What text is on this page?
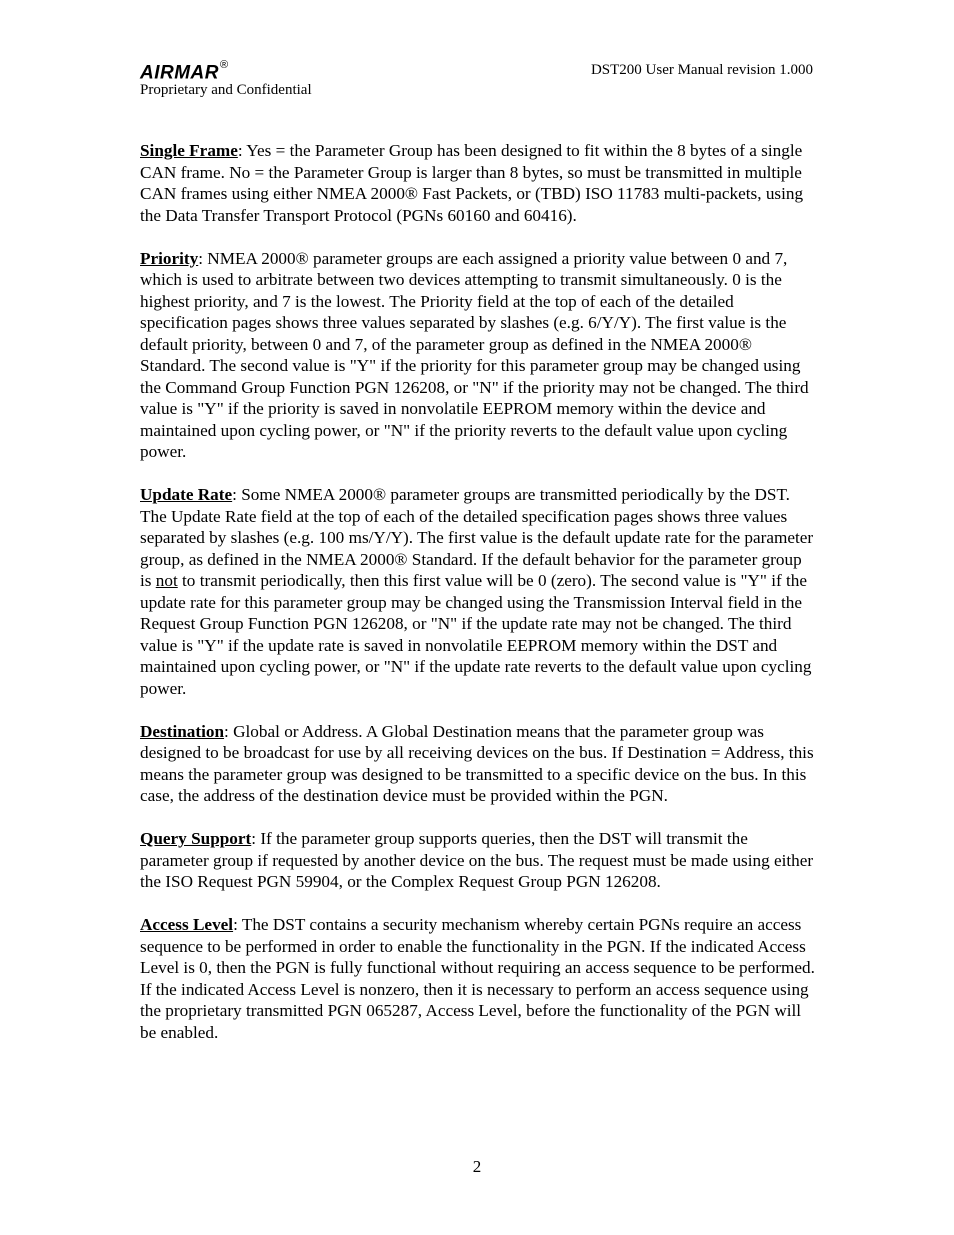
AIRMAR®
Proprietary and Confidential
DST200 User Manual revision 1.000

Single Frame: Yes = the Parameter Group has been designed to fit within the 8 bytes of a single CAN frame. No = the Parameter Group is larger than 8 bytes, so must be transmitted in multiple CAN frames using either NMEA 2000® Fast Packets, or (TBD) ISO 11783 multi-packets, using the Data Transfer Transport Protocol (PGNs 60160 and 60416).

Priority: NMEA 2000® parameter groups are each assigned a priority value between 0 and 7, which is used to arbitrate between two devices attempting to transmit simultaneously. 0 is the highest priority, and 7 is the lowest. The Priority field at the top of each of the detailed specification pages shows three values separated by slashes (e.g. 6/Y/Y). The first value is the default priority, between 0 and 7, of the parameter group as defined in the NMEA 2000® Standard. The second value is "Y" if the priority for this parameter group may be changed using the Command Group Function PGN 126208, or "N" if the priority may not be changed. The third value is "Y" if the priority is saved in nonvolatile EEPROM memory within the device and maintained upon cycling power, or "N" if the priority reverts to the default value upon cycling power.

Update Rate: Some NMEA 2000® parameter groups are transmitted periodically by the DST. The Update Rate field at the top of each of the detailed specification pages shows three values separated by slashes (e.g. 100 ms/Y/Y). The first value is the default update rate for the parameter group, as defined in the NMEA 2000® Standard. If the default behavior for the parameter group is not to transmit periodically, then this first value will be 0 (zero). The second value is "Y" if the update rate for this parameter group may be changed using the Transmission Interval field in the Request Group Function PGN 126208, or "N" if the update rate may not be changed. The third value is "Y" if the update rate is saved in nonvolatile EEPROM memory within the DST and maintained upon cycling power, or "N" if the update rate reverts to the default value upon cycling power.

Destination: Global or Address. A Global Destination means that the parameter group was designed to be broadcast for use by all receiving devices on the bus. If Destination = Address, this means the parameter group was designed to be transmitted to a specific device on the bus. In this case, the address of the destination device must be provided within the PGN.

Query Support: If the parameter group supports queries, then the DST will transmit the parameter group if requested by another device on the bus. The request must be made using either the ISO Request PGN 59904, or the Complex Request Group PGN 126208.

Access Level: The DST contains a security mechanism whereby certain PGNs require an access sequence to be performed in order to enable the functionality in the PGN. If the indicated Access Level is 0, then the PGN is fully functional without requiring an access sequence to be performed. If the indicated Access Level is nonzero, then it is necessary to perform an access sequence using the proprietary transmitted PGN 065287, Access Level, before the functionality of the PGN will be enabled.

2
